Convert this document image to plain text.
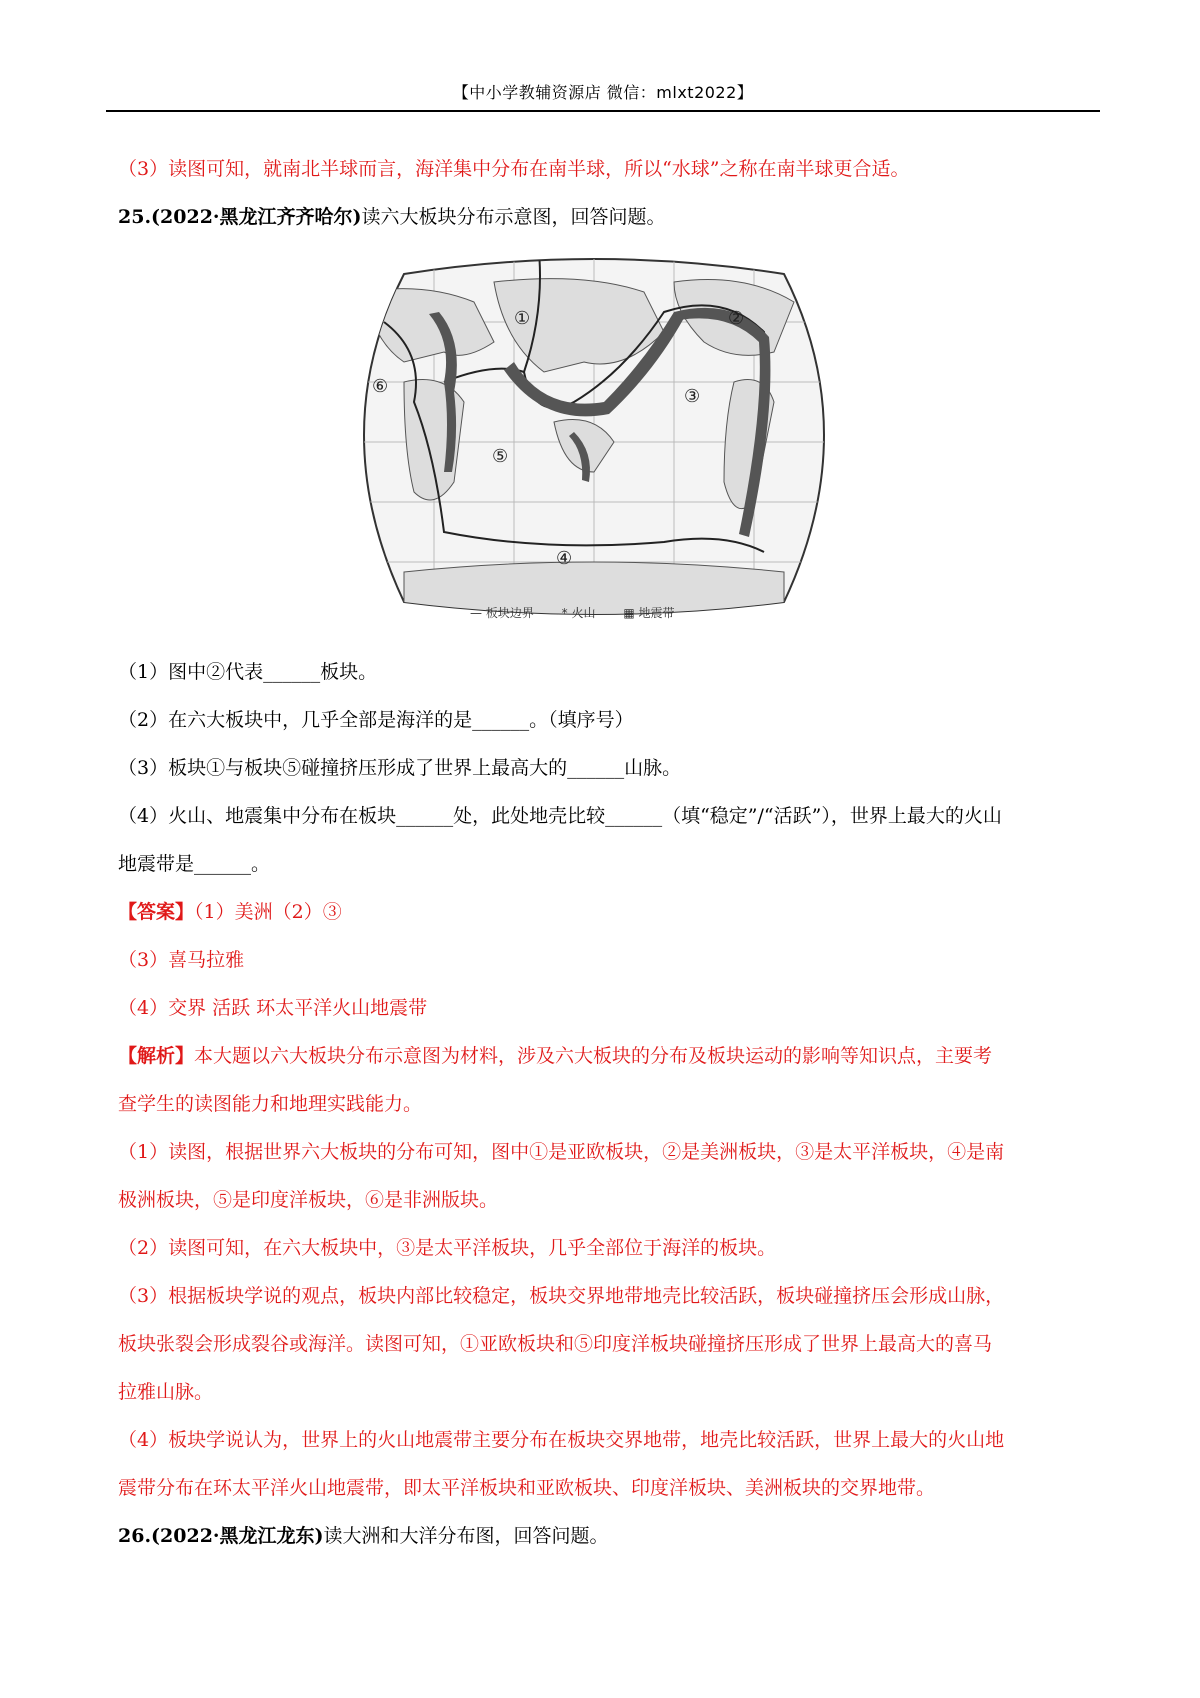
【中小学教辅资源店 微信：mlxt2022】
（3）读图可知，就南北半球而言，海洋集中分布在南半球，所以“水球”之称在南半球更合适。
25.(2022·黑龙江齐齐哈尔)读六大板块分布示意图，回答问题。
①	②
③
④
⑤
⑥
— 板块边界 * 火山 ▦ 地震带
（1）图中②代表______板块。
（2）在六大板块中，几乎全部是海洋的是______。（填序号）
（3）板块①与板块⑤碰撞挤压形成了世界上最高大的______山脉。
（4）火山、地震集中分布在板块______处，此处地壳比较______（填“稳定”/“活跃”），世界上最大的火山
地震带是______。
【答案】（1）美洲（2）③
（3）喜马拉雅
（4）交界 活跃 环太平洋火山地震带
【解析】本大题以六大板块分布示意图为材料，涉及六大板块的分布及板块运动的影响等知识点，主要考
查学生的读图能力和地理实践能力。
（1）读图，根据世界六大板块的分布可知，图中①是亚欧板块，②是美洲板块，③是太平洋板块，④是南
极洲板块，⑤是印度洋板块，⑥是非洲版块。
（2）读图可知，在六大板块中，③是太平洋板块，几乎全部位于海洋的板块。
（3）根据板块学说的观点，板块内部比较稳定，板块交界地带地壳比较活跃，板块碰撞挤压会形成山脉，
板块张裂会形成裂谷或海洋。读图可知，①亚欧板块和⑤印度洋板块碰撞挤压形成了世界上最高大的喜马
拉雅山脉。
（4）板块学说认为，世界上的火山地震带主要分布在板块交界地带，地壳比较活跃，世界上最大的火山地
震带分布在环太平洋火山地震带，即太平洋板块和亚欧板块、印度洋板块、美洲板块的交界地带。
26.(2022·黑龙江龙东)读大洲和大洋分布图，回答问题。
